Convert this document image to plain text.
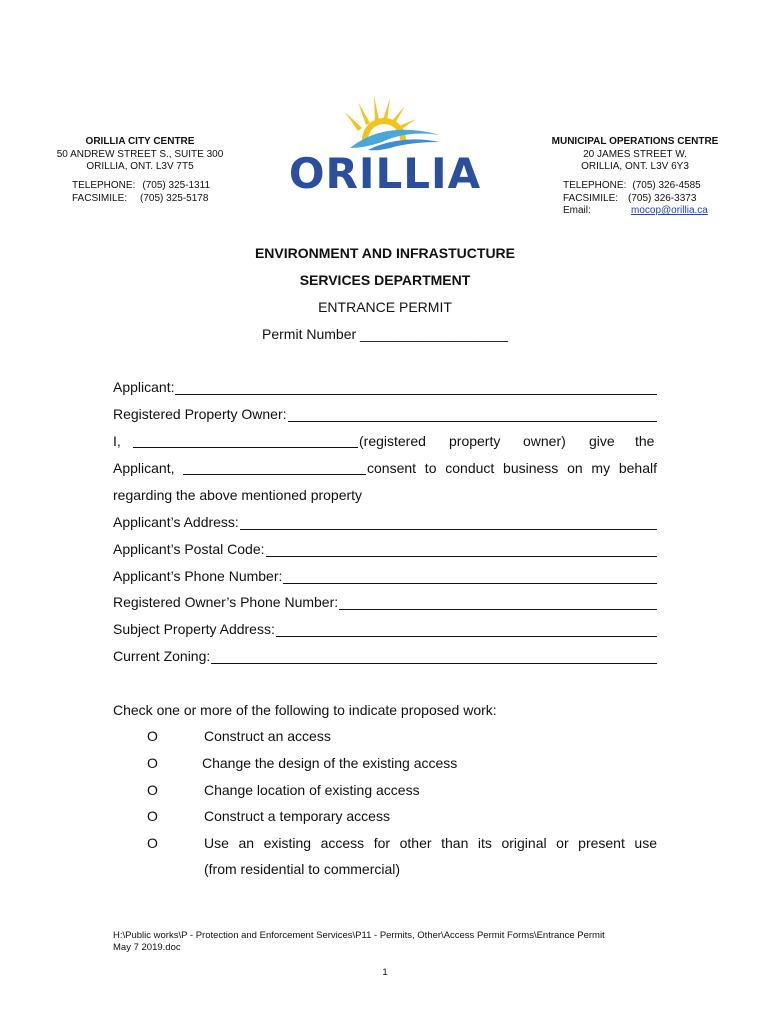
ORILLIA CITY CENTRE
50 ANDREW STREET S., SUITE 300
ORILLIA, ONT. L3V 7T5
TELEPHONE: (705) 325-1311
FACSIMILE: (705) 325-5178 ORILLIA
MUNICIPAL OPERATIONS CENTRE
20 JAMES STREET W.
ORILLIA, ONT. L3V 6Y3
TELEPHONE: (705) 326-4585
FACSIMILE: (705) 326-3373
Email:	mocop@orillia.ca
ENVIRONMENT AND INFRASTUCTURE
SERVICES DEPARTMENT
ENTRANCE PERMIT
Permit Number ___________________
Applicant:
Registered Property Owner:
I,	(registered property owner) give the
Applicant,	consent to conduct business on my behalf
regarding the above mentioned property
Applicant’s Address:
Applicant’s Postal Code:
Applicant’s Phone Number:
Registered Owner’s Phone Number:
Subject Property Address:
Current Zoning:
Check one or more of the following to indicate proposed work:
O	Construct an access
O	Change the design of the existing access
O	Change location of existing access
O	Construct a temporary access
O	Use an existing access for other than its original or present use
(from residential to commercial)
H:\Public works\P - Protection and Enforcement Services\P11 - Permits, Other\Access Permit Forms\Entrance Permit
May 7 2019.doc
1
